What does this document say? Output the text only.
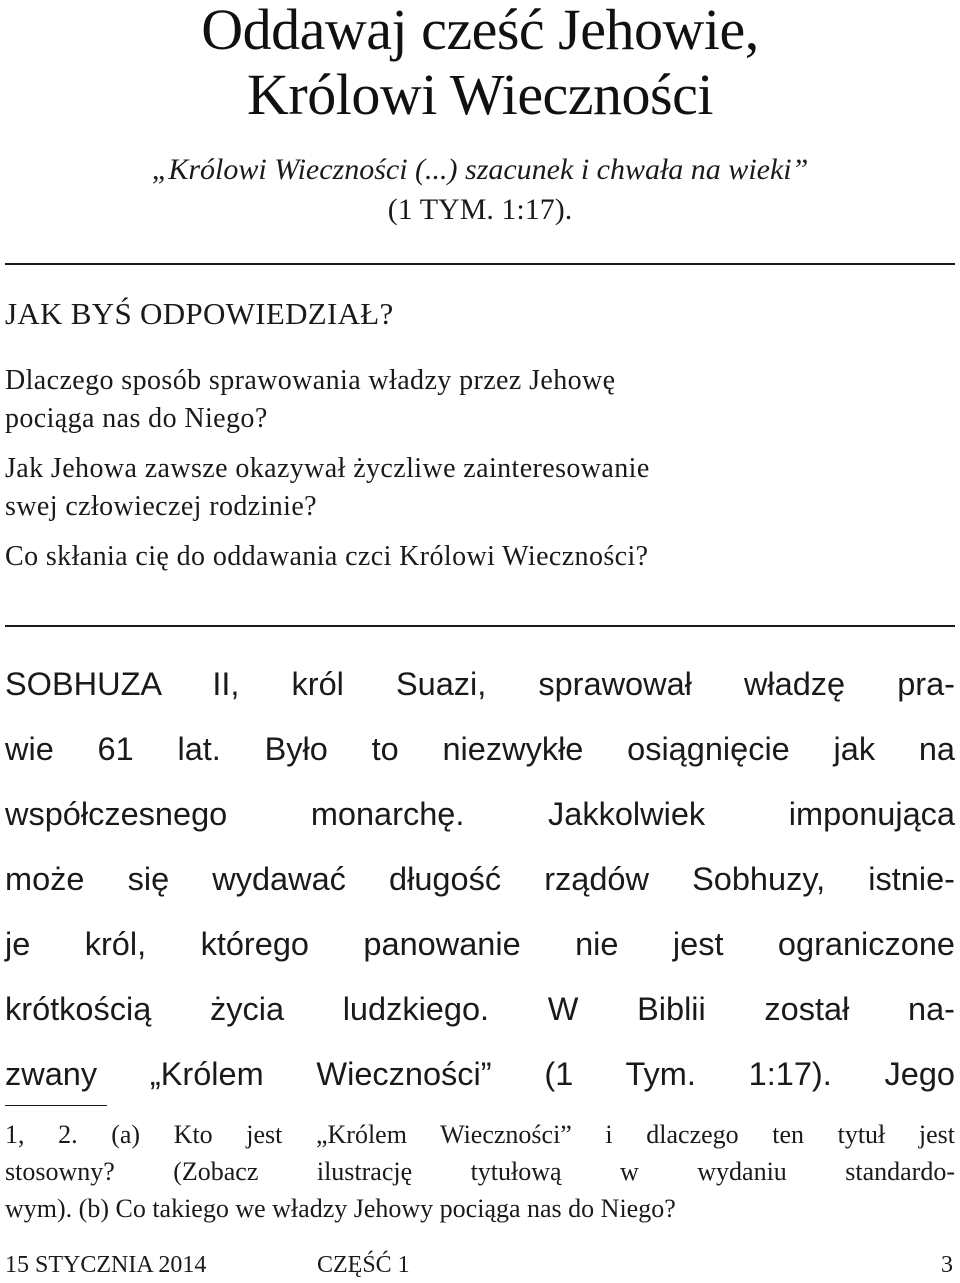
Oddawaj cześć Jehowie,
Królowi Wieczności
„Królowi Wieczności (...) szacunek i chwała na wieki”
(1 TYM. 1:17).
JAK BYŚ ODPOWIEDZIAŁ?
Dlaczego sposób sprawowania władzy przez Jehowę
pociąga nas do Niego?
Jak Jehowa zawsze okazywał życzliwe zainteresowanie
swej człowieczej rodzinie?
Co skłania cię do oddawania czci Królowi Wieczności?
SOBHUZA II, król Suazi, sprawował władzę pra-
wie 61 lat. Było to niezwykłe osiągnięcie jak na
współczesnego monarchę. Jakkolwiek imponująca
może się wydawać długość rządów Sobhuzy, istnie-
je król, którego panowanie nie jest ograniczone
krótkością życia ludzkiego. W Biblii został na-
zwany „Królem Wieczności” (1 Tym. 1:17). Jego
1, 2. (a) Kto jest „Królem Wieczności” i dlaczego ten tytuł jest
stosowny? (Zobacz ilustrację tytułową w wydaniu standardo-
wym). (b) Co takiego we władzy Jehowy pociąga nas do Niego?
15 STYCZNIA 2014	CZĘŚĆ 1	3
